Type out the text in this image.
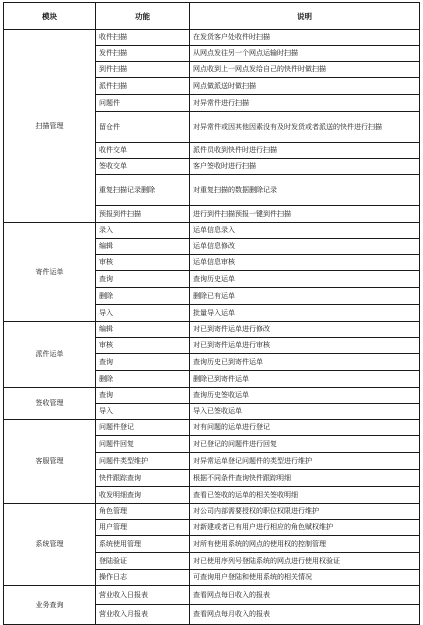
模块	功能	说明
扫描管理	收件扫描	在发货客户处收件时扫描
	发件扫描	从网点发往另一个网点运输时扫描
	到件扫描	网点收到上一网点发给自己的快件时做扫描
	派件扫描	网点做派送时做扫描
	问题件	对异常件进行扫描
	留仓件	对异常件或因其他因素没有及时发货或者派送的快件进行扫描
	收件交单	派件员收到快件时进行扫描
	签收交单	客户签收时进行扫描
	重复扫描记录删除	对重复扫描的数据删除记录
	预报到件扫描	进行到件扫描预报一键到件扫描
寄件运单	录入	运单信息录入
	编辑	运单信息修改
	审核	运单信息审核
	查询	查询历史运单
	删除	删除已有运单
	导入	批量导入运单
派件运单	编辑	对已到寄件运单进行修改
	审核	对已到寄件运单进行审核
	查询	查询历史已到寄件运单
	删除	删除已到寄件运单
签收管理	查询	查询历史签收运单
	导入	导入已签收运单
客服管理	问题件登记	对有问题的运单进行登记
	问题件回复	对已登记的问题件进行回复
	问题件类型维护	对异常运单登记问题件的类型进行维护
	快件跟踪查询	根据不同条件查询快件跟踪明细
	收发明细查询	查看已签收的运单的相关签收明细
系统管理	角色管理	对公司内部需要授权的职位权限进行维护
	用户管理	对新建或者已有用户进行相应的角色赋权维护
	系统使用管理	对所有使用系统的网点的使用权的控制管理
	登陆验证	对已使用序列号登陆系统的网点进行使用权验证
	操作日志	可查询用户登陆和使用系统的相关情况
业务查询	营业收入日报表	查看网点每日收入的报表
	营业收入月报表	查看网点每月收入的报表
